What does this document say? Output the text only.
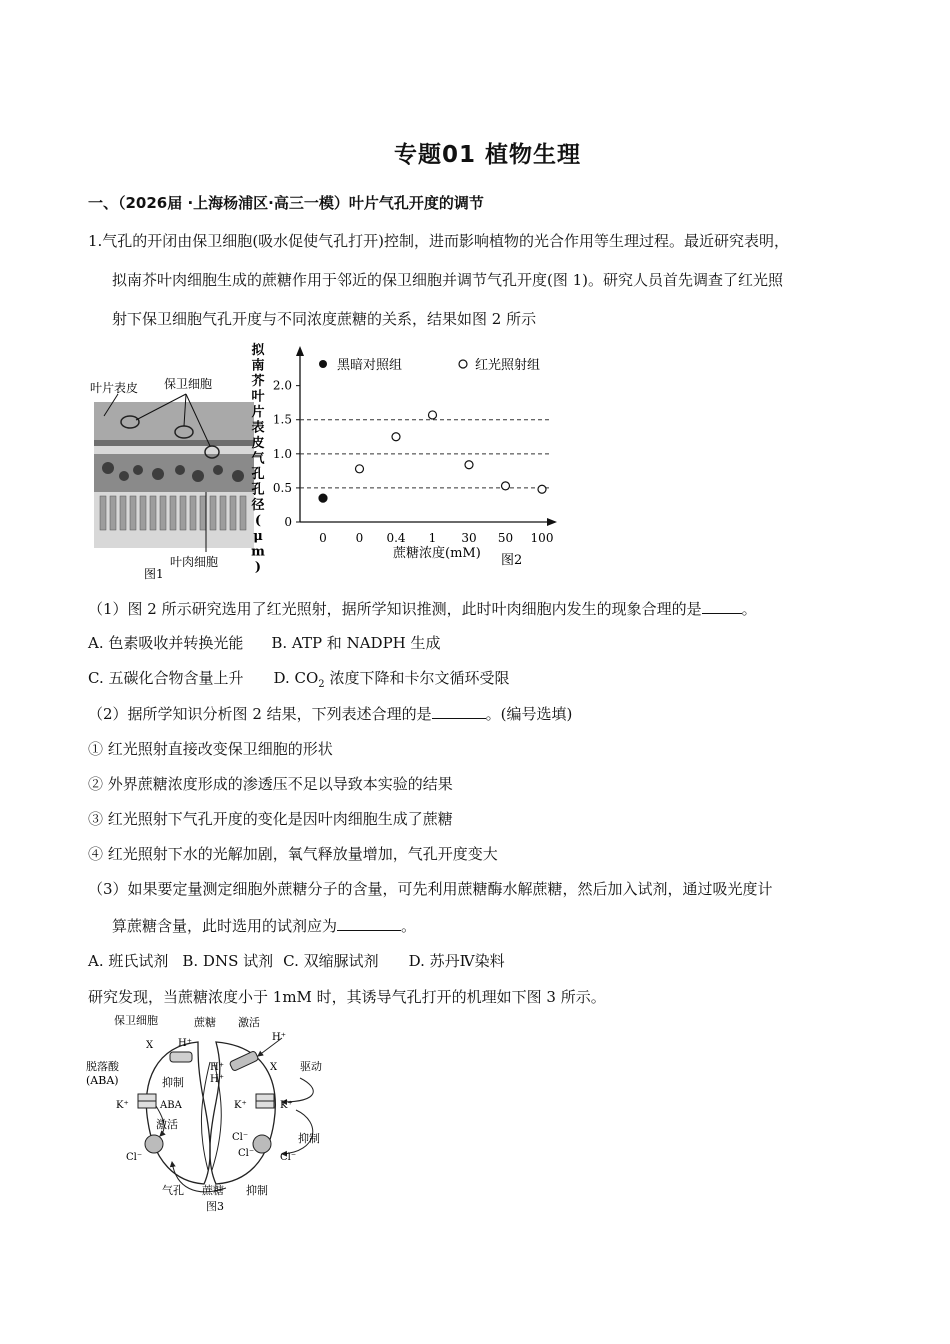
专题01 植物生理
一、（2026届 ·上海杨浦区·高三一模）叶片气孔开度的调节
1.气孔的开闭由保卫细胞(吸水促使气孔打开)控制，进而影响植物的光合作用等生理过程。最近研究表明，
拟南芥叶肉细胞生成的蔗糖作用于邻近的保卫细胞并调节气孔开度(图 1)。研究人员首先调查了红光照
射下保卫细胞气孔开度与不同浓度蔗糖的关系，结果如图 2 所示
叶片表皮 保卫细胞
叶肉细胞
图1
拟
南
芥
叶
片
表
皮
气
孔
孔
径
(
μ
m
)
0
0.5
1.0
1.5
2.0
0 0 0.4 1 30 50 100
黑暗对照组	红光照射组
蔗糖浓度(mM) 图2
（1）图 2 所示研究选用了红光照射，据所学知识推测，此时叶肉细胞内发生的现象合理的是	。
A. 色素吸收并转换光能 B. ATP 和 NADPH 生成
C. 五碳化合物含量上升 D. $CO_2$ 浓度下降和卡尔文循环受限
（2）据所学知识分析图 2 结果，下列表述合理的是	。(编号选填)
① 红光照射直接改变保卫细胞的形状
② 外界蔗糖浓度形成的渗透压不足以导致本实验的结果
③ 红光照射下气孔开度的变化是因叶肉细胞生成了蔗糖
④ 红光照射下水的光解加剧，氧气释放量增加，气孔开度变大
（3）如果要定量测定细胞外蔗糖分子的含量，可先利用蔗糖酶水解蔗糖，然后加入试剂，通过吸光度计
算蔗糖含量，此时选用的试剂应为	。
A. 班氏试剂 B. DNS 试剂 C. 双缩脲试剂 D. 苏丹Ⅳ染料
研究发现，当蔗糖浓度小于 1mM 时，其诱导气孔打开的机理如下图 3 所示。
保卫细胞	蔗糖 激活
H⁺
X
H⁺
X
H⁺
H⁺
脱落酸
(ABA)	抑制
驱动
K⁺	ABA	K⁺	K⁺
激活
抑制
Cl⁻
Cl⁻
Cl⁻	Cl⁻
气孔 蔗糖 抑制
图3
